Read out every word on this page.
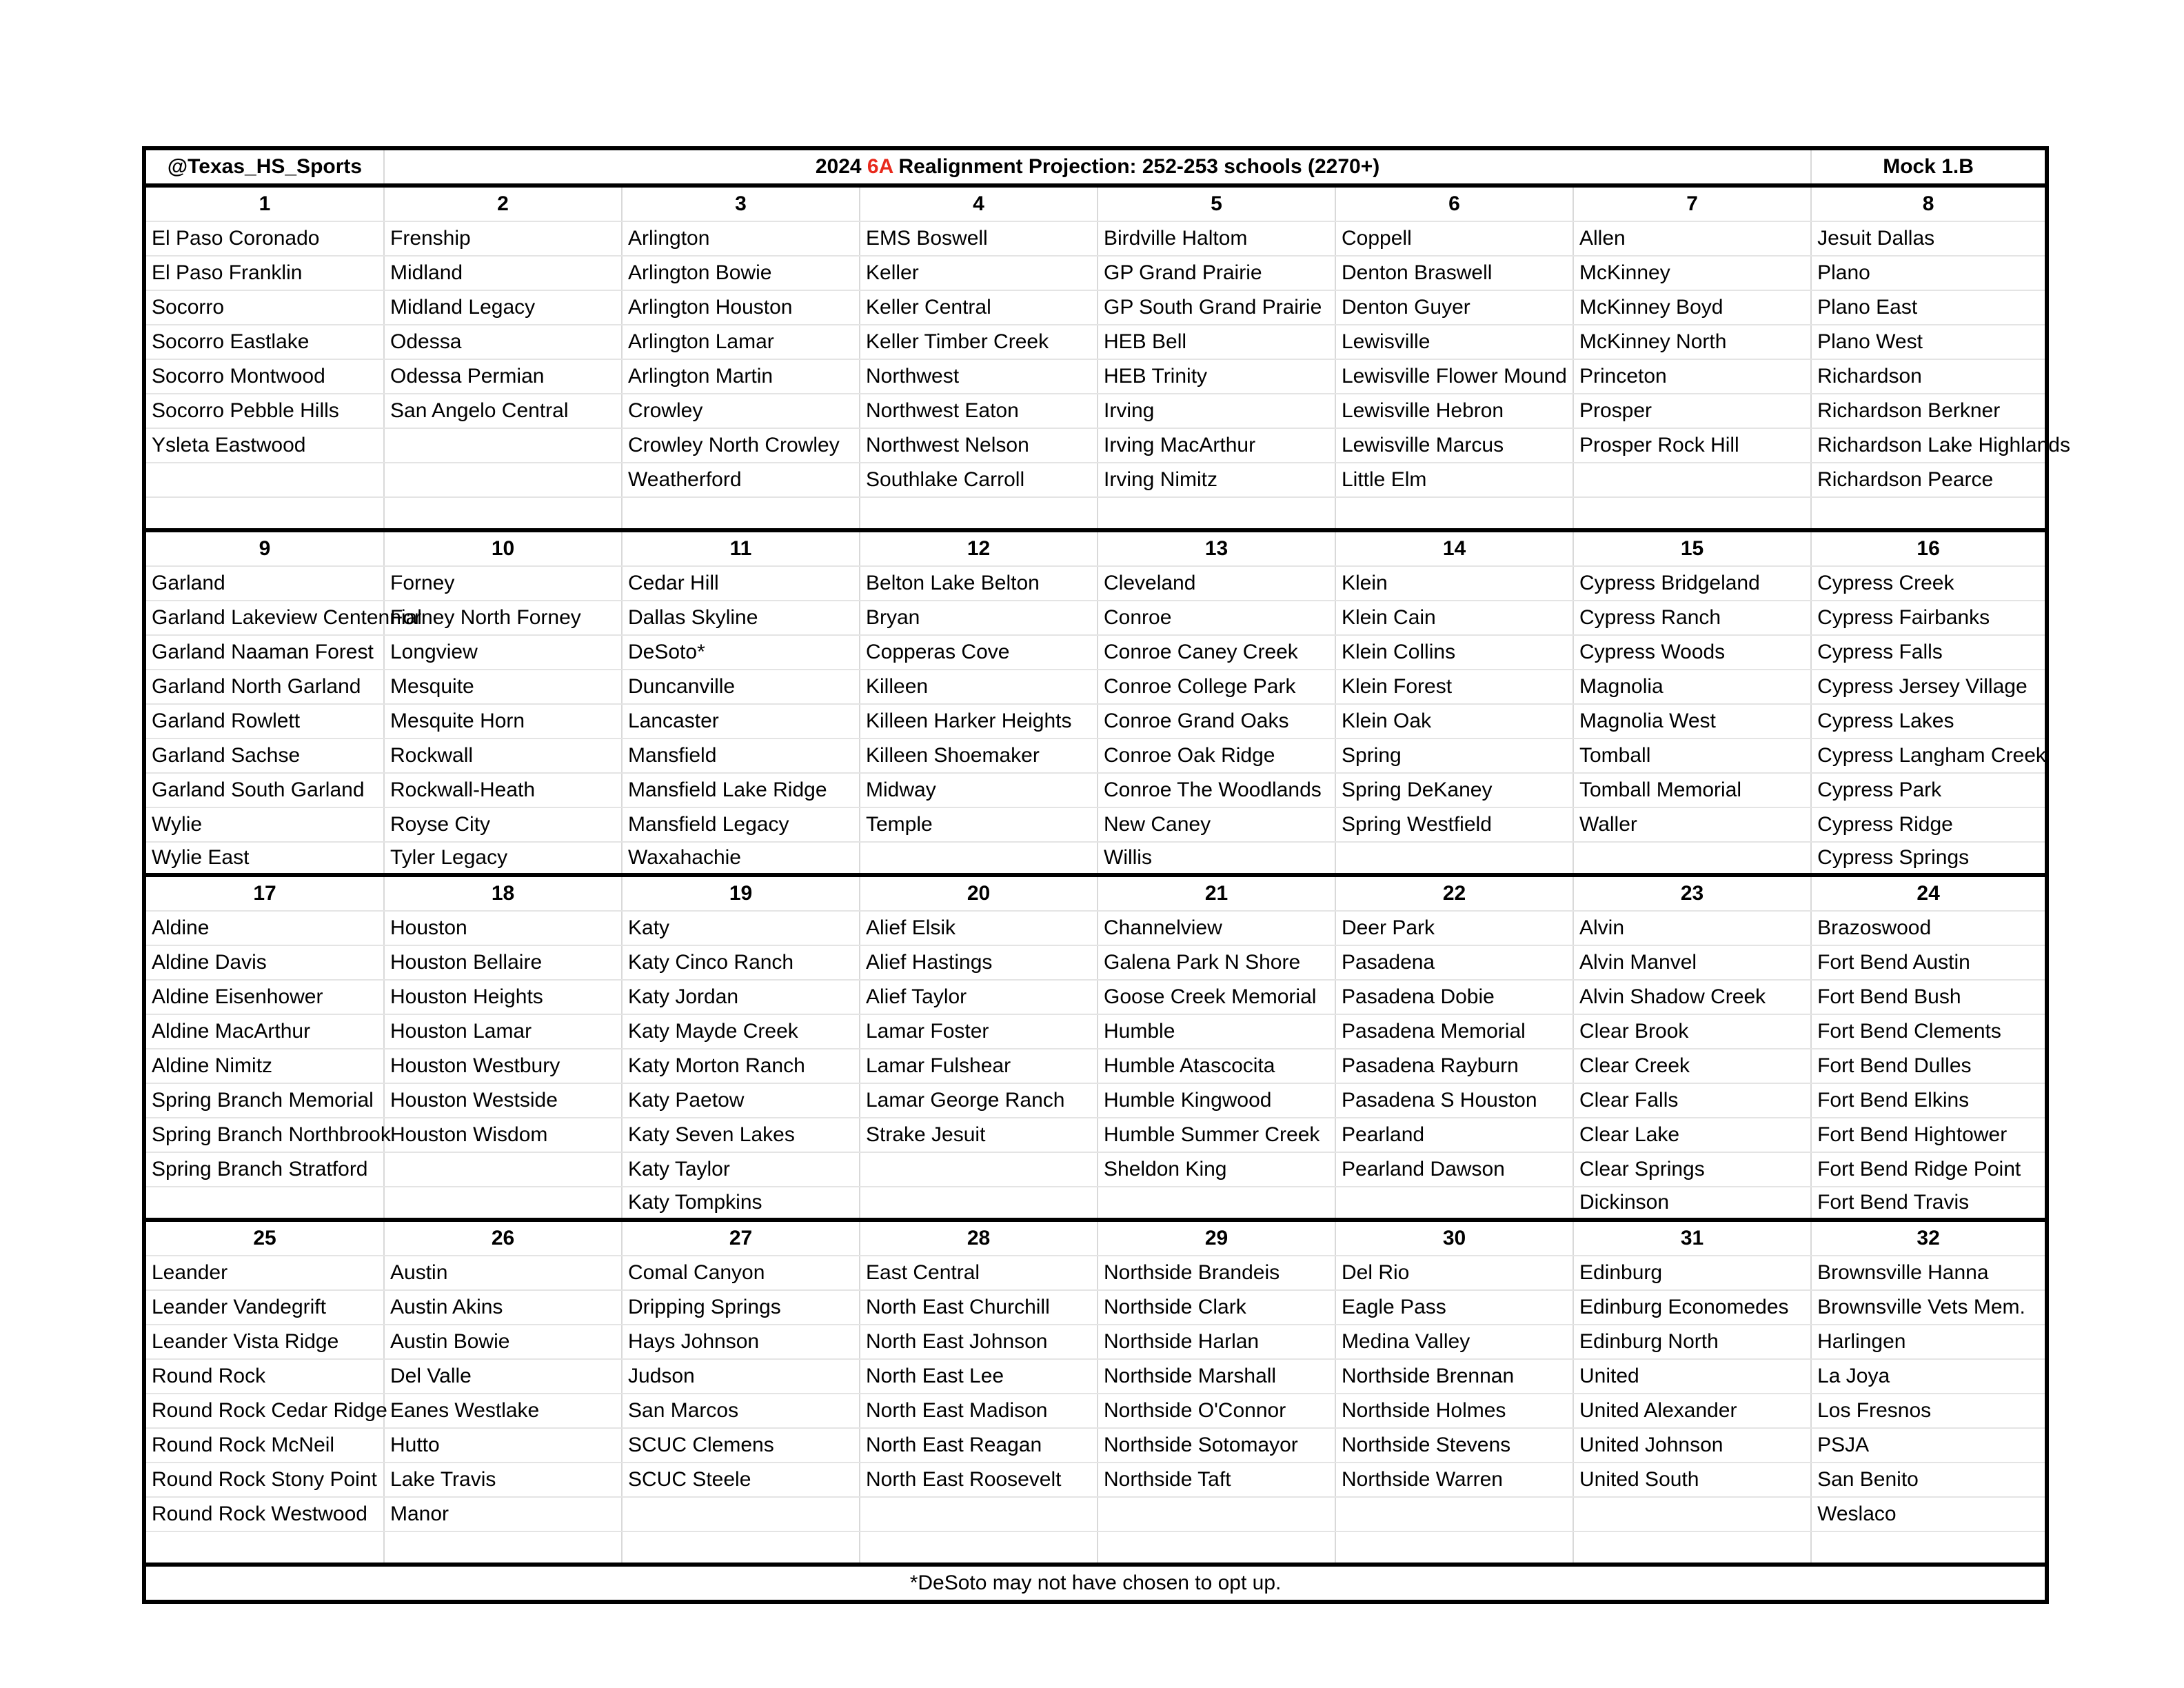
@Texas_HS_Sports	2024 6A Realignment Projection: 252-253 schools (2270+)						Mock 1.B
1	2	3	4	5	6	7	8
El Paso Coronado	Frenship	Arlington	EMS Boswell	Birdville Haltom	Coppell	Allen	Jesuit Dallas
El Paso Franklin	Midland	Arlington Bowie	Keller	GP Grand Prairie	Denton Braswell	McKinney	Plano
Socorro	Midland Legacy	Arlington Houston	Keller Central	GP South Grand Prairie	Denton Guyer	McKinney Boyd	Plano East
Socorro Eastlake	Odessa	Arlington Lamar	Keller Timber Creek	HEB Bell	Lewisville	McKinney North	Plano West
Socorro Montwood	Odessa Permian	Arlington Martin	Northwest	HEB Trinity	Lewisville Flower Mound	Princeton	Richardson
Socorro Pebble Hills	San Angelo Central	Crowley	Northwest Eaton	Irving	Lewisville Hebron	Prosper	Richardson Berkner
Ysleta Eastwood		Crowley North Crowley	Northwest Nelson	Irving MacArthur	Lewisville Marcus	Prosper Rock Hill	Richardson Lake Highlands
		Weatherford	Southlake Carroll	Irving Nimitz	Little Elm		Richardson Pearce

9	10	11	12	13	14	15	16
Garland	Forney	Cedar Hill	Belton Lake Belton	Cleveland	Klein	Cypress Bridgeland	Cypress Creek
Garland Lakeview Centennial	Forney North Forney	Dallas Skyline	Bryan	Conroe	Klein Cain	Cypress Ranch	Cypress Fairbanks
Garland Naaman Forest	Longview	DeSoto*	Copperas Cove	Conroe Caney Creek	Klein Collins	Cypress Woods	Cypress Falls
Garland North Garland	Mesquite	Duncanville	Killeen	Conroe College Park	Klein Forest	Magnolia	Cypress Jersey Village
Garland Rowlett	Mesquite Horn	Lancaster	Killeen Harker Heights	Conroe Grand Oaks	Klein Oak	Magnolia West	Cypress Lakes
Garland Sachse	Rockwall	Mansfield	Killeen Shoemaker	Conroe Oak Ridge	Spring	Tomball	Cypress Langham Creek
Garland South Garland	Rockwall-Heath	Mansfield Lake Ridge	Midway	Conroe The Woodlands	Spring DeKaney	Tomball Memorial	Cypress Park
Wylie	Royse City	Mansfield Legacy	Temple	New Caney	Spring Westfield	Waller	Cypress Ridge
Wylie East	Tyler Legacy	Waxahachie		Willis			Cypress Springs
17	18	19	20	21	22	23	24
Aldine	Houston	Katy	Alief Elsik	Channelview	Deer Park	Alvin	Brazoswood
Aldine Davis	Houston Bellaire	Katy Cinco Ranch	Alief Hastings	Galena Park N Shore	Pasadena	Alvin Manvel	Fort Bend Austin
Aldine Eisenhower	Houston Heights	Katy Jordan	Alief Taylor	Goose Creek Memorial	Pasadena Dobie	Alvin Shadow Creek	Fort Bend Bush
Aldine MacArthur	Houston Lamar	Katy Mayde Creek	Lamar Foster	Humble	Pasadena Memorial	Clear Brook	Fort Bend Clements
Aldine Nimitz	Houston Westbury	Katy Morton Ranch	Lamar Fulshear	Humble Atascocita	Pasadena Rayburn	Clear Creek	Fort Bend Dulles
Spring Branch Memorial	Houston Westside	Katy Paetow	Lamar George Ranch	Humble Kingwood	Pasadena S Houston	Clear Falls	Fort Bend Elkins
Spring Branch Northbrook	Houston Wisdom	Katy Seven Lakes	Strake Jesuit	Humble Summer Creek	Pearland	Clear Lake	Fort Bend Hightower
Spring Branch Stratford		Katy Taylor		Sheldon King	Pearland Dawson	Clear Springs	Fort Bend Ridge Point
		Katy Tompkins				Dickinson	Fort Bend Travis
25	26	27	28	29	30	31	32
Leander	Austin	Comal Canyon	East Central	Northside Brandeis	Del Rio	Edinburg	Brownsville Hanna
Leander Vandegrift	Austin Akins	Dripping Springs	North East Churchill	Northside Clark	Eagle Pass	Edinburg Economedes	Brownsville Vets Mem.
Leander Vista Ridge	Austin Bowie	Hays Johnson	North East Johnson	Northside Harlan	Medina Valley	Edinburg North	Harlingen
Round Rock	Del Valle	Judson	North East Lee	Northside Marshall	Northside Brennan	United	La Joya
Round Rock Cedar Ridge	Eanes Westlake	San Marcos	North East Madison	Northside O'Connor	Northside Holmes	United Alexander	Los Fresnos
Round Rock McNeil	Hutto	SCUC Clemens	North East Reagan	Northside Sotomayor	Northside Stevens	United Johnson	PSJA
Round Rock Stony Point	Lake Travis	SCUC Steele	North East Roosevelt	Northside Taft	Northside Warren	United South	San Benito
Round Rock Westwood	Manor						Weslaco

*DeSoto may not have chosen to opt up.							
